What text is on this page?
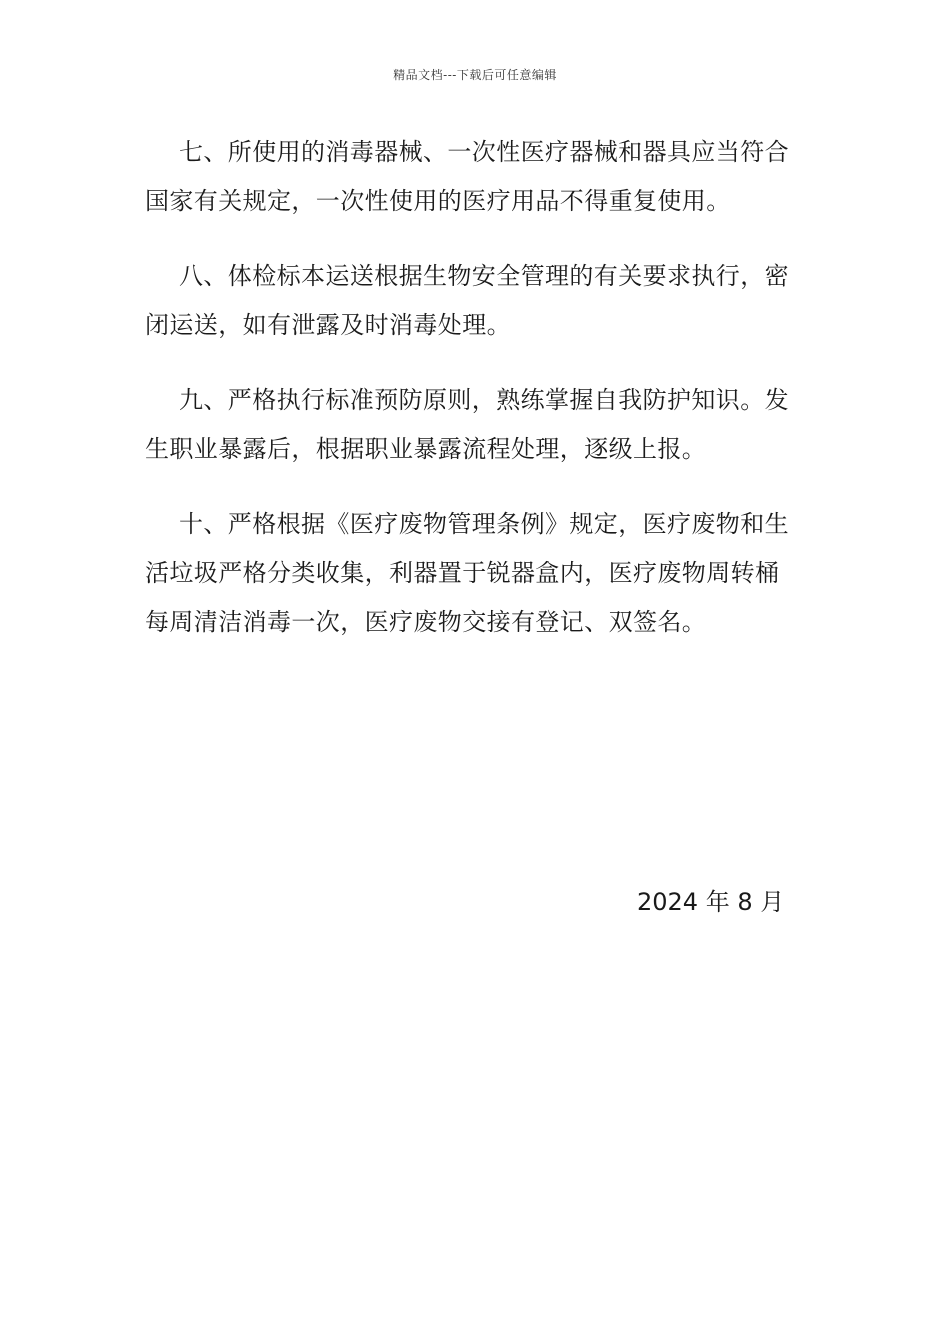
精品文档---下载后可任意编辑

七、所使用的消毒器械、一次性医疗器械和器具应当符合国家有关规定，一次性使用的医疗用品不得重复使用。

八、体检标本运送根据生物安全管理的有关要求执行，密闭运送，如有泄露及时消毒处理。

九、严格执行标准预防原则，熟练掌握自我防护知识。发生职业暴露后，根据职业暴露流程处理，逐级上报。

十、严格根据《医疗废物管理条例》规定，医疗废物和生活垃圾严格分类收集，利器置于锐器盒内，医疗废物周转桶每周清洁消毒一次，医疗废物交接有登记、双签名。

2024 年 8 月
